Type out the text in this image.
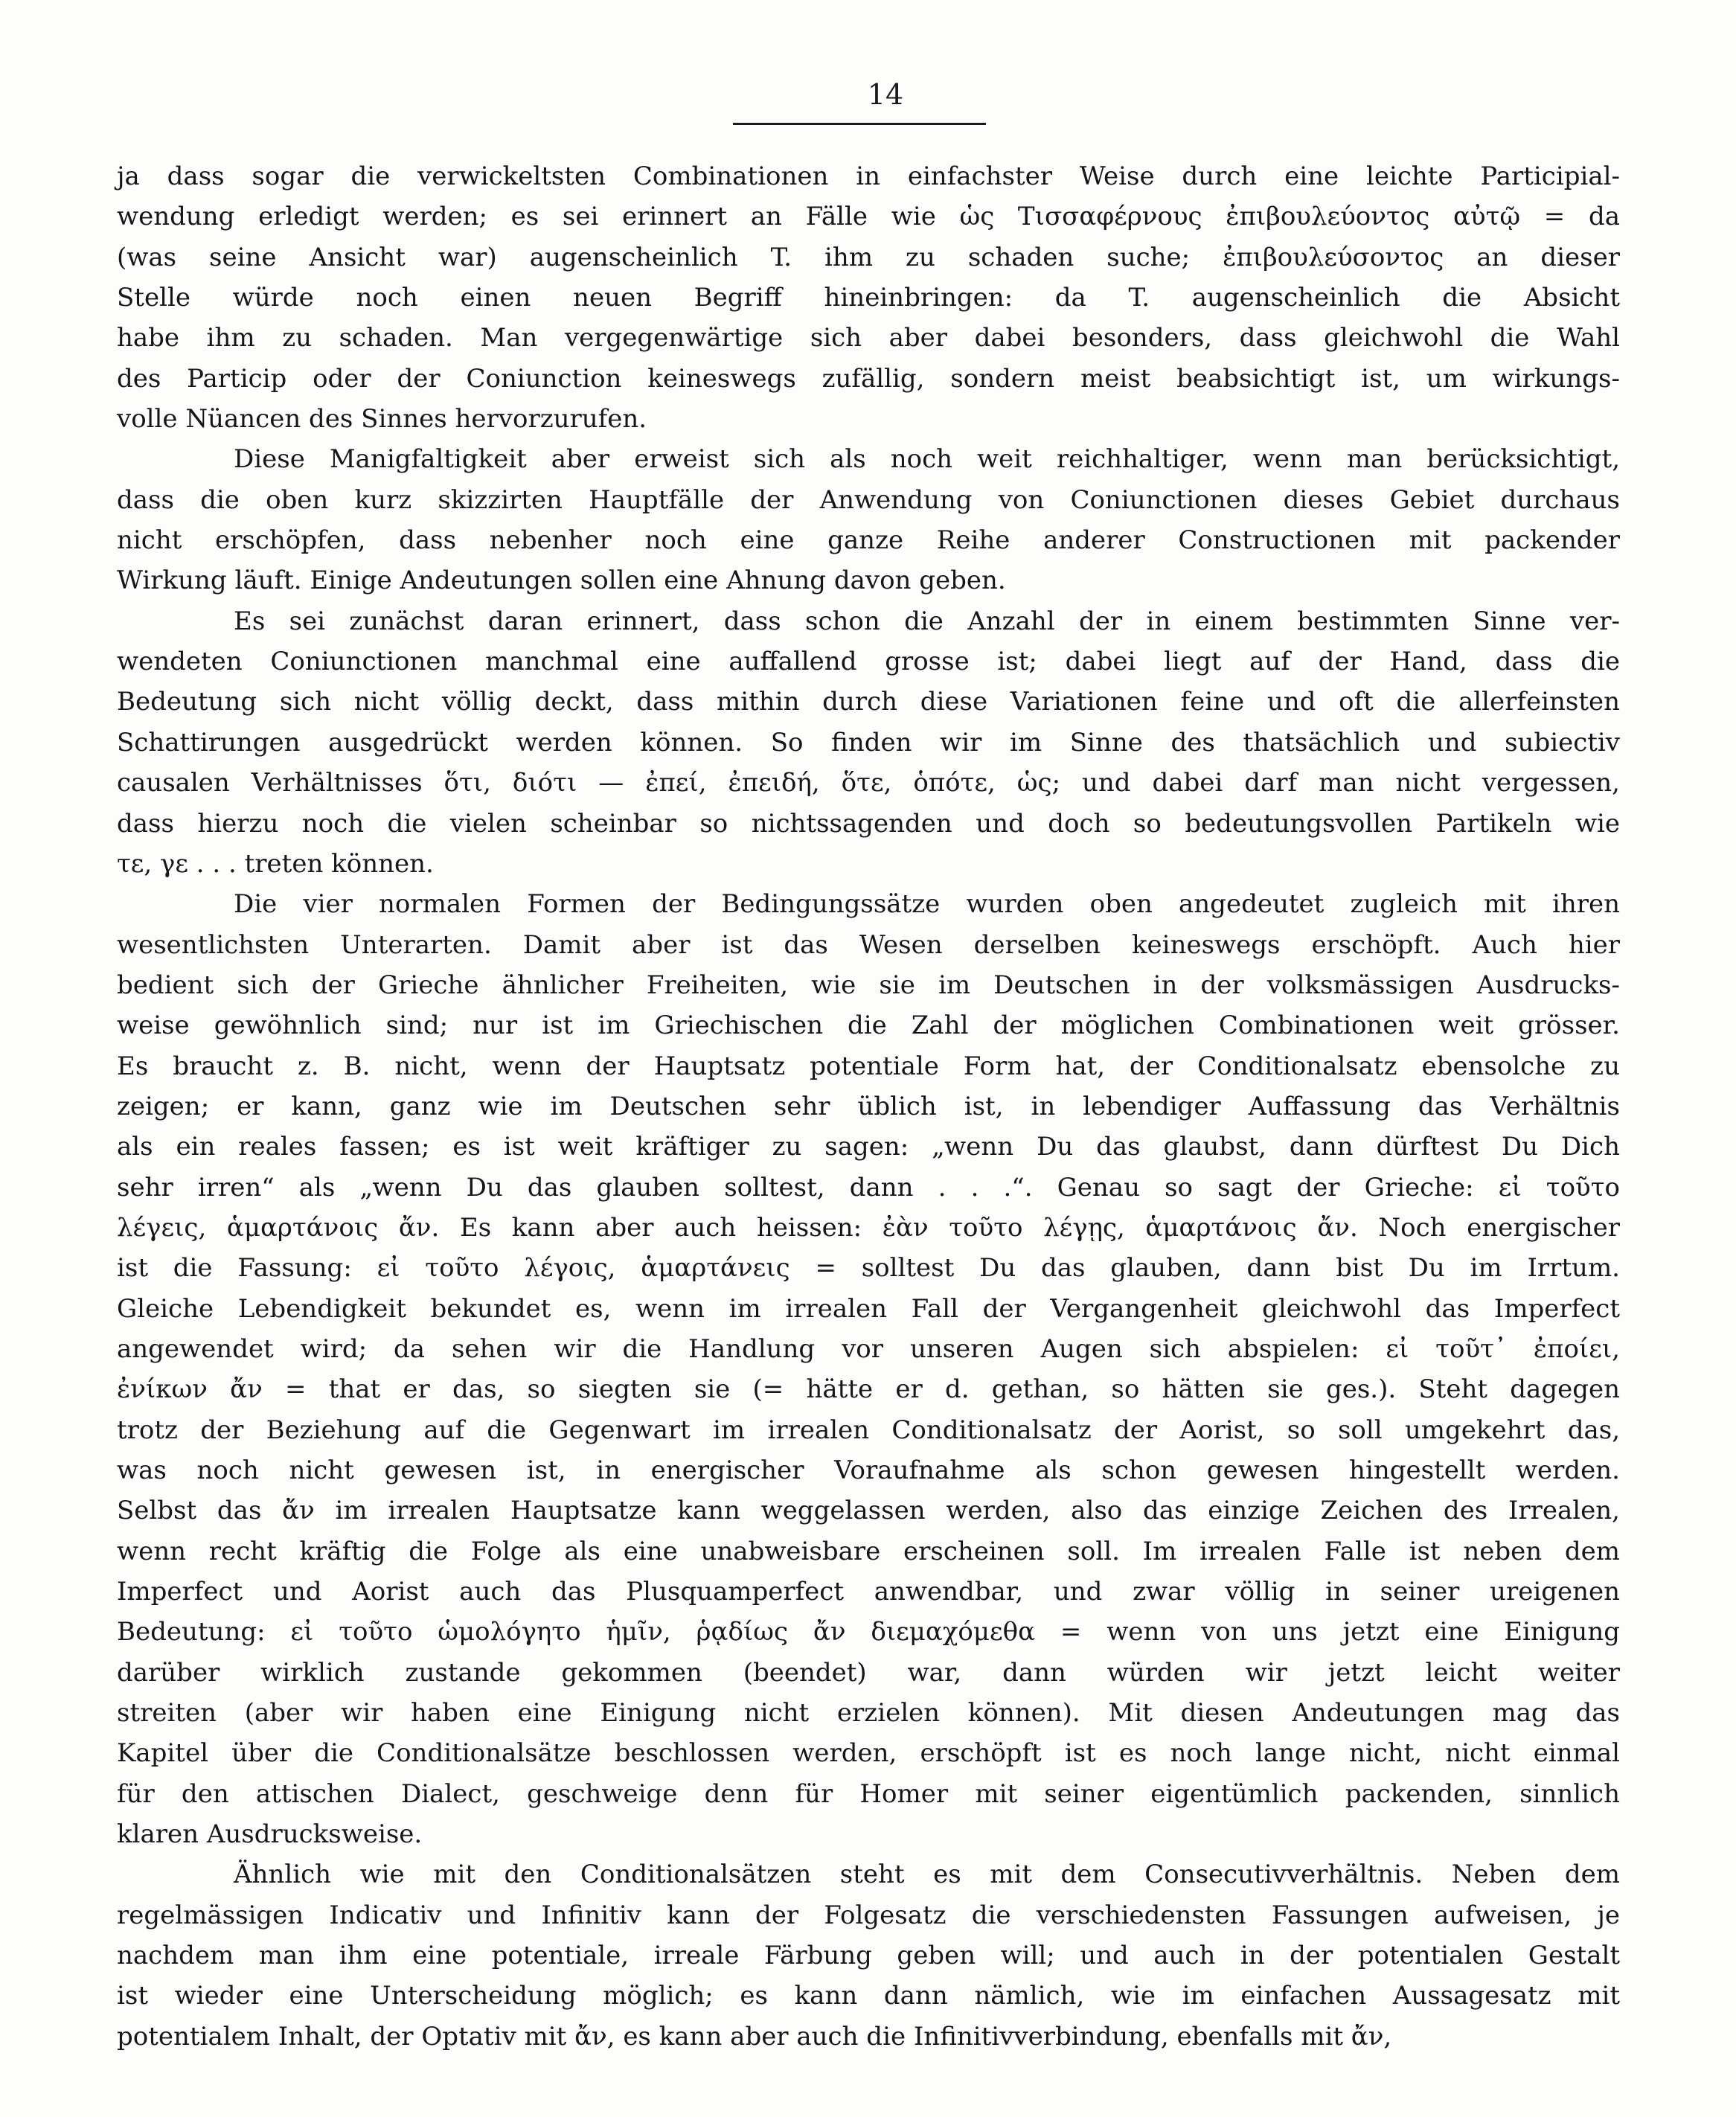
14
ja dass sogar die verwickeltsten Combinationen in einfachster Weise durch eine leichte Participial-
wendung erledigt werden; es sei erinnert an Fälle wie ὡς Τισσαφέρνους ἐπιβουλεύοντος αὐτῷ = da
(was seine Ansicht war) augenscheinlich T. ihm zu schaden suche; ἐπιβουλεύσοντος an dieser
Stelle würde noch einen neuen Begriff hineinbringen: da T. augenscheinlich die Absicht
habe ihm zu schaden. Man vergegenwärtige sich aber dabei besonders, dass gleichwohl die Wahl
des Particip oder der Coniunction keineswegs zufällig, sondern meist beabsichtigt ist, um wirkungs-
volle Nüancen des Sinnes hervorzurufen.
Diese Manigfaltigkeit aber erweist sich als noch weit reichhaltiger, wenn man berücksichtigt,
dass die oben kurz skizzirten Hauptfälle der Anwendung von Coniunctionen dieses Gebiet durchaus
nicht erschöpfen, dass nebenher noch eine ganze Reihe anderer Constructionen mit packender
Wirkung läuft. Einige Andeutungen sollen eine Ahnung davon geben.
Es sei zunächst daran erinnert, dass schon die Anzahl der in einem bestimmten Sinne ver-
wendeten Coniunctionen manchmal eine auffallend grosse ist; dabei liegt auf der Hand, dass die
Bedeutung sich nicht völlig deckt, dass mithin durch diese Variationen feine und oft die allerfeinsten
Schattirungen ausgedrückt werden können. So finden wir im Sinne des thatsächlich und subiectiv
causalen Verhältnisses ὅτι, διότι — ἐπεί, ἐπειδή, ὅτε, ὁπότε, ὡς; und dabei darf man nicht vergessen,
dass hierzu noch die vielen scheinbar so nichtssagenden und doch so bedeutungsvollen Partikeln wie
τε, γε . . . treten können.
Die vier normalen Formen der Bedingungssätze wurden oben angedeutet zugleich mit ihren
wesentlichsten Unterarten. Damit aber ist das Wesen derselben keineswegs erschöpft. Auch hier
bedient sich der Grieche ähnlicher Freiheiten, wie sie im Deutschen in der volksmässigen Ausdrucks-
weise gewöhnlich sind; nur ist im Griechischen die Zahl der möglichen Combinationen weit grösser.
Es braucht z. B. nicht, wenn der Hauptsatz potentiale Form hat, der Conditionalsatz ebensolche zu
zeigen; er kann, ganz wie im Deutschen sehr üblich ist, in lebendiger Auffassung das Verhältnis
als ein reales fassen; es ist weit kräftiger zu sagen: „wenn Du das glaubst, dann dürftest Du Dich
sehr irren“ als „wenn Du das glauben solltest, dann . . .“. Genau so sagt der Grieche: εἰ τοῦτο
λέγεις, ἁμαρτάνοις ἄν. Es kann aber auch heissen: ἐὰν τοῦτο λέγῃς, ἁμαρτάνοις ἄν. Noch energischer
ist die Fassung: εἰ τοῦτο λέγοις, ἁμαρτάνεις = solltest Du das glauben, dann bist Du im Irrtum.
Gleiche Lebendigkeit bekundet es, wenn im irrealen Fall der Vergangenheit gleichwohl das Imperfect
angewendet wird; da sehen wir die Handlung vor unseren Augen sich abspielen: εἰ τοῦτ᾽ ἐποίει,
ἐνίκων ἄν = that er das, so siegten sie (= hätte er d. gethan, so hätten sie ges.). Steht dagegen
trotz der Beziehung auf die Gegenwart im irrealen Conditionalsatz der Aorist, so soll umgekehrt das,
was noch nicht gewesen ist, in energischer Voraufnahme als schon gewesen hingestellt werden.
Selbst das ἄν im irrealen Hauptsatze kann weggelassen werden, also das einzige Zeichen des Irrealen,
wenn recht kräftig die Folge als eine unabweisbare erscheinen soll. Im irrealen Falle ist neben dem
Imperfect und Aorist auch das Plusquamperfect anwendbar, und zwar völlig in seiner ureigenen
Bedeutung: εἰ τοῦτο ὡμολόγητο ἡμῖν, ῥᾳδίως ἄν διεμαχόμεθα = wenn von uns jetzt eine Einigung
darüber wirklich zustande gekommen (beendet) war, dann würden wir jetzt leicht weiter
streiten (aber wir haben eine Einigung nicht erzielen können). Mit diesen Andeutungen mag das
Kapitel über die Conditionalsätze beschlossen werden, erschöpft ist es noch lange nicht, nicht einmal
für den attischen Dialect, geschweige denn für Homer mit seiner eigentümlich packenden, sinnlich
klaren Ausdrucksweise.
Ähnlich wie mit den Conditionalsätzen steht es mit dem Consecutivverhältnis. Neben dem
regelmässigen Indicativ und Infinitiv kann der Folgesatz die verschiedensten Fassungen aufweisen, je
nachdem man ihm eine potentiale, irreale Färbung geben will; und auch in der potentialen Gestalt
ist wieder eine Unterscheidung möglich; es kann dann nämlich, wie im einfachen Aussagesatz mit
potentialem Inhalt, der Optativ mit ἄν, es kann aber auch die Infinitivverbindung, ebenfalls mit ἄν,
